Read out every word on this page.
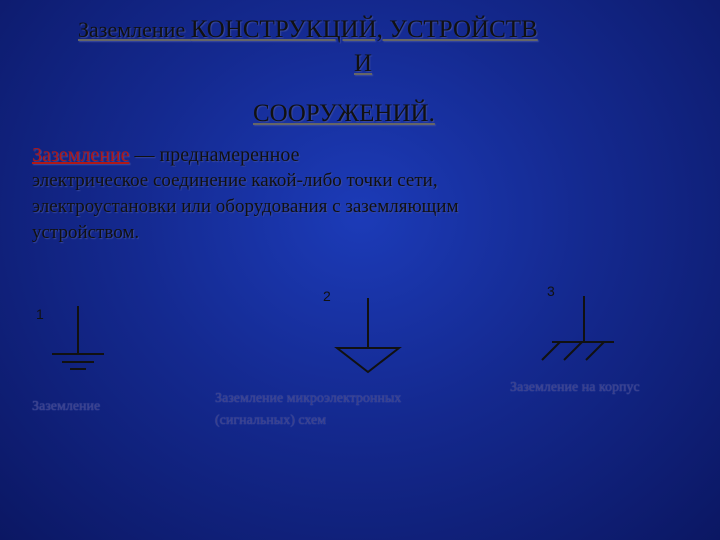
Заземление КОНСТРУКЦИЙ, УСТРОЙСТВ
И
СООРУЖЕНИЙ.
Заземление — преднамеренное
электрическое соединение какой-либо точки сети, электроустановки или оборудования с заземляющим устройством.
1
Заземление
2
Заземление микроэлектронных (сигнальных) схем
3
Заземление на корпус
